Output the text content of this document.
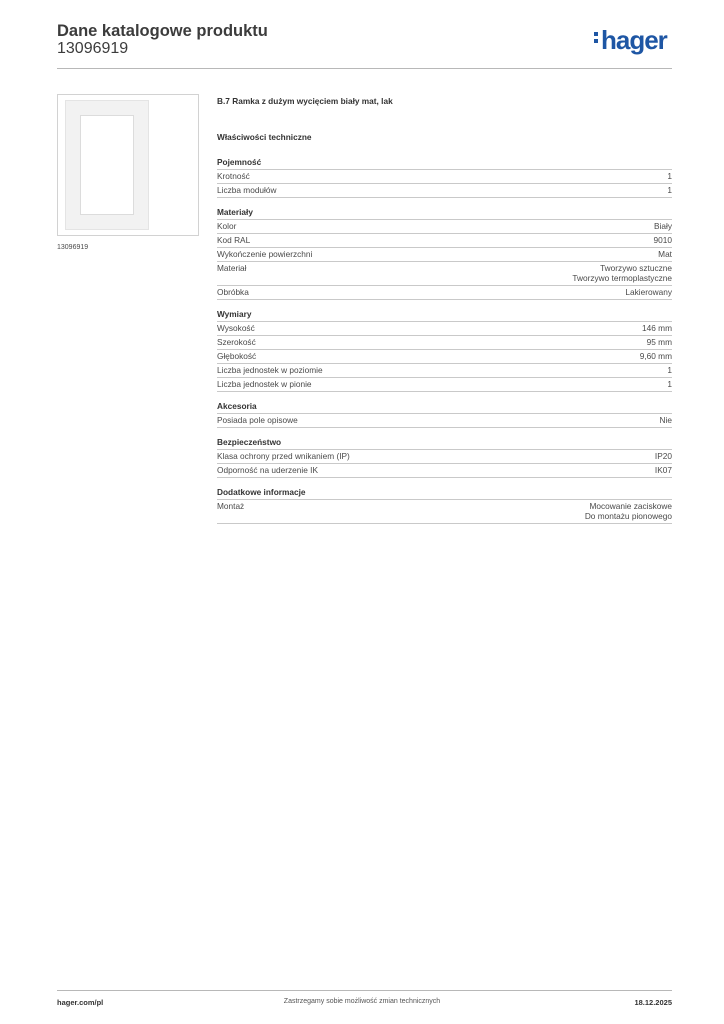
Dane katalogowe produktu
13096919	hager
13096919
B.7 Ramka z dużym wycięciem biały mat, lak
Właściwości techniczne
Pojemność
Krotność	1
Liczba modułów	1
Materiały
Kolor	Biały
Kod RAL	9010
Wykończenie powierzchni	Mat
Materiał	Tworzywo sztuczne
Tworzywo termoplastyczne
Obróbka	Lakierowany
Wymiary
Wysokość	146 mm
Szerokość	95 mm
Głębokość	9,60 mm
Liczba jednostek w poziomie	1
Liczba jednostek w pionie	1
Akcesoria
Posiada pole opisowe	Nie
Bezpieczeństwo
Klasa ochrony przed wnikaniem (IP)	IP20
Odporność na uderzenie IK	IK07
Dodatkowe informacje
Montaż	Mocowanie zaciskowe
Do montażu pionowego
hager.com/pl	Zastrzegamy sobie możliwość zmian technicznych	18.12.2025
